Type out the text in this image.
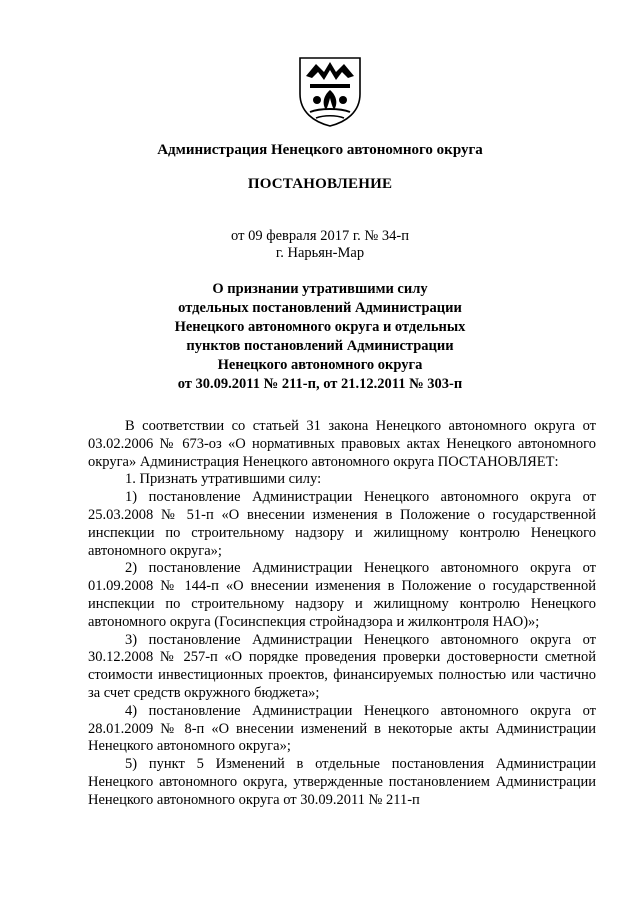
Администрация Ненецкого автономного округа
ПОСТАНОВЛЕНИЕ
от 09 февраля 2017 г. № 34-п
г. Нарьян-Мар
О признании утратившими силу
отдельных постановлений Администрации
Ненецкого автономного округа и отдельных
пунктов постановлений Администрации
Ненецкого автономного округа
от 30.09.2011 № 211-п, от 21.12.2011 № 303-п

В соответствии со статьей 31 закона Ненецкого автономного округа от 03.02.2006 № 673-оз «О нормативных правовых актах Ненецкого автономного округа» Администрация Ненецкого автономного округа ПОСТАНОВЛЯЕТ:

1. Признать утратившими силу:

1) постановление Администрации Ненецкого автономного округа от 25.03.2008 № 51-п «О внесении изменения в Положение о государственной инспекции по строительному надзору и жилищному контролю Ненецкого автономного округа»;

2) постановление Администрации Ненецкого автономного округа от 01.09.2008 № 144-п «О внесении изменения в Положение о государственной инспекции по строительному надзору и жилищному контролю Ненецкого автономного округа (Госинспекция стройнадзора и жилконтроля НАО)»;

3) постановление Администрации Ненецкого автономного округа от 30.12.2008 № 257-п «О порядке проведения проверки достоверности сметной стоимости инвестиционных проектов, финансируемых полностью или частично за счет средств окружного бюджета»;

4) постановление Администрации Ненецкого автономного округа от 28.01.2009 № 8-п «О внесении изменений в некоторые акты Администрации Ненецкого автономного округа»;

5) пункт 5 Изменений в отдельные постановления Администрации Ненецкого автономного округа, утвержденные постановлением Администрации Ненецкого автономного округа от 30.09.2011 № 211-п
